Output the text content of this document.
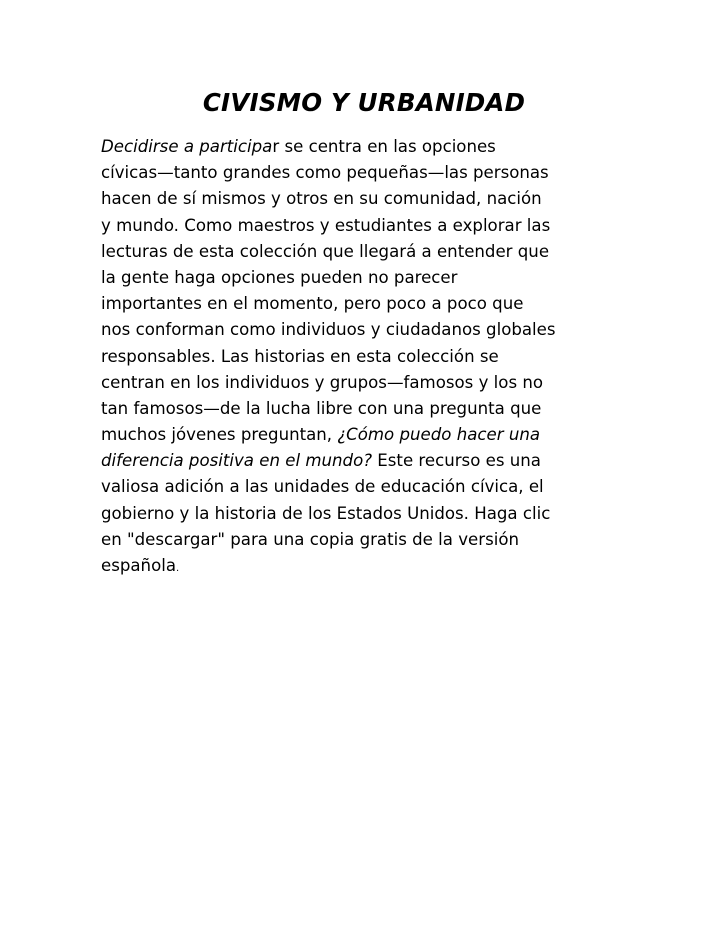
CIVISMO Y URBANIDAD
Decidirse a participar se centra en las opciones
cívicas—tanto grandes como pequeñas—las personas
hacen de sí mismos y otros en su comunidad, nación
y mundo. Como maestros y estudiantes a explorar las
lecturas de esta colección que llegará a entender que
la gente haga opciones pueden no parecer
importantes en el momento, pero poco a poco que
nos conforman como individuos y ciudadanos globales
responsables. Las historias en esta colección se
centran en los individuos y grupos—famosos y los no
tan famosos—de la lucha libre con una pregunta que
muchos jóvenes preguntan, ¿Cómo puedo hacer una
diferencia positiva en el mundo? Este recurso es una
valiosa adición a las unidades de educación cívica, el
gobierno y la historia de los Estados Unidos. Haga clic
en "descargar" para una copia gratis de la versión
española.
